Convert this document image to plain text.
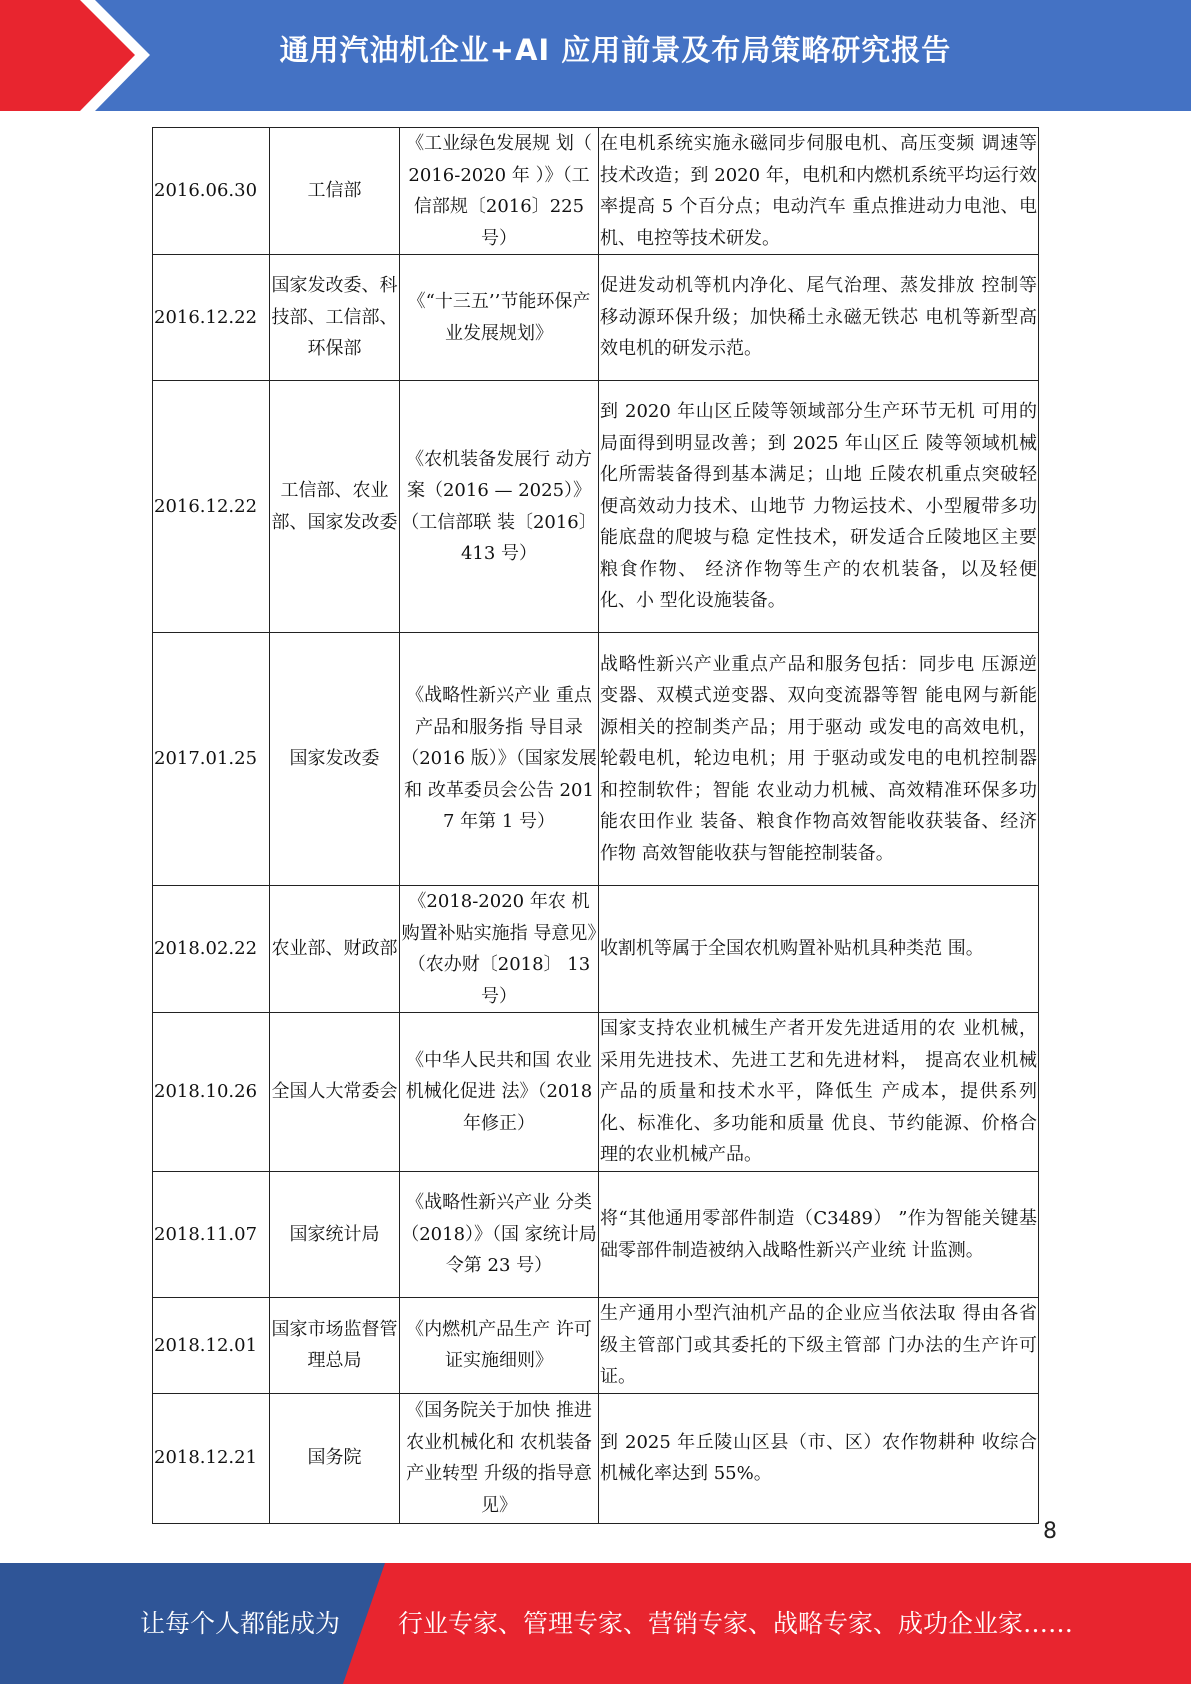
通用汽油机企业+AI 应用前景及布局策略研究报告
2016.06.30	工信部	《工业绿色发展规 划（ 2016-2020 年 ）》（工信部规〔2016〕225号）	在电机系统实施永磁同步伺服电机、高压变频 调速等技术改造；到 2020 年，电机和内燃机系统平均运行效率提高 5 个百分点；电动汽车 重点推进动力电池、电机、电控等技术研发。
2016.12.22	国家发改委、科技部、工信部、环保部	《“十三五’’节能环保产业发展规划》	促进发动机等机内净化、尾气治理、蒸发排放 控制等移动源环保升级；加快稀土永磁无铁芯 电机等新型高效电机的研发示范。
2016.12.22	工信部、农业部、国家发改委	《农机装备发展行 动方案（2016 — 2025）》（工信部联 装〔2016〕413 号）	到 2020 年山区丘陵等领域部分生产环节无机 可用的局面得到明显改善；到 2025 年山区丘 陵等领域机械化所需装备得到基本满足；山地 丘陵农机重点突破轻便高效动力技术、山地节 力物运技术、小型履带多功能底盘的爬坡与稳 定性技术，研发适合丘陵地区主要粮食作物、 经济作物等生产的农机装备，以及轻便化、小 型化设施装备。
2017.01.25	国家发改委	《战略性新兴产业 重点产品和服务指 导目录（2016 版）》（国家发展和 改革委员会公告 2017 年第 1 号）	战略性新兴产业重点产品和服务包括：同步电 压源逆变器、双模式逆变器、双向变流器等智 能电网与新能源相关的控制类产品；用于驱动 或发电的高效电机，轮毂电机，轮边电机；用 于驱动或发电的电机控制器和控制软件；智能 农业动力机械、高效精准环保多功能农田作业 装备、粮食作物高效智能收获装备、经济作物 高效智能收获与智能控制装备。
2018.02.22	农业部、财政部	《2018-2020 年农 机购置补贴实施指 导意见》（农办财〔2018〕 13 号）	收割机等属于全国农机购置补贴机具种类范 围。
2018.10.26	全国人大常委会	《中华人民共和国 农业机械化促进 法》（2018 年修正）	国家支持农业机械生产者开发先进适用的农 业机械，采用先进技术、先进工艺和先进材料， 提高农业机械产品的质量和技术水平，降低生 产成本，提供系列化、标准化、多功能和质量 优良、节约能源、价格合理的农业机械产品。
2018.11.07	国家统计局	《战略性新兴产业 分类（2018）》（国 家统计局令第 23 号）	将“其他通用零部件制造（C3489） ”作为智能关键基础零部件制造被纳入战略性新兴产业统 计监测。
2018.12.01	国家市场监督管理总局	《内燃机产品生产 许可证实施细则》	生产通用小型汽油机产品的企业应当依法取 得由各省级主管部门或其委托的下级主管部 门办法的生产许可证。
2018.12.21	国务院	《国务院关于加快 推进农业机械化和 农机装备产业转型 升级的指导意见》	到 2025 年丘陵山区县（市、区）农作物耕种 收综合机械化率达到 55%。
8
让每个人都能成为 行业专家、管理专家、营销专家、战略专家、成功企业家……
